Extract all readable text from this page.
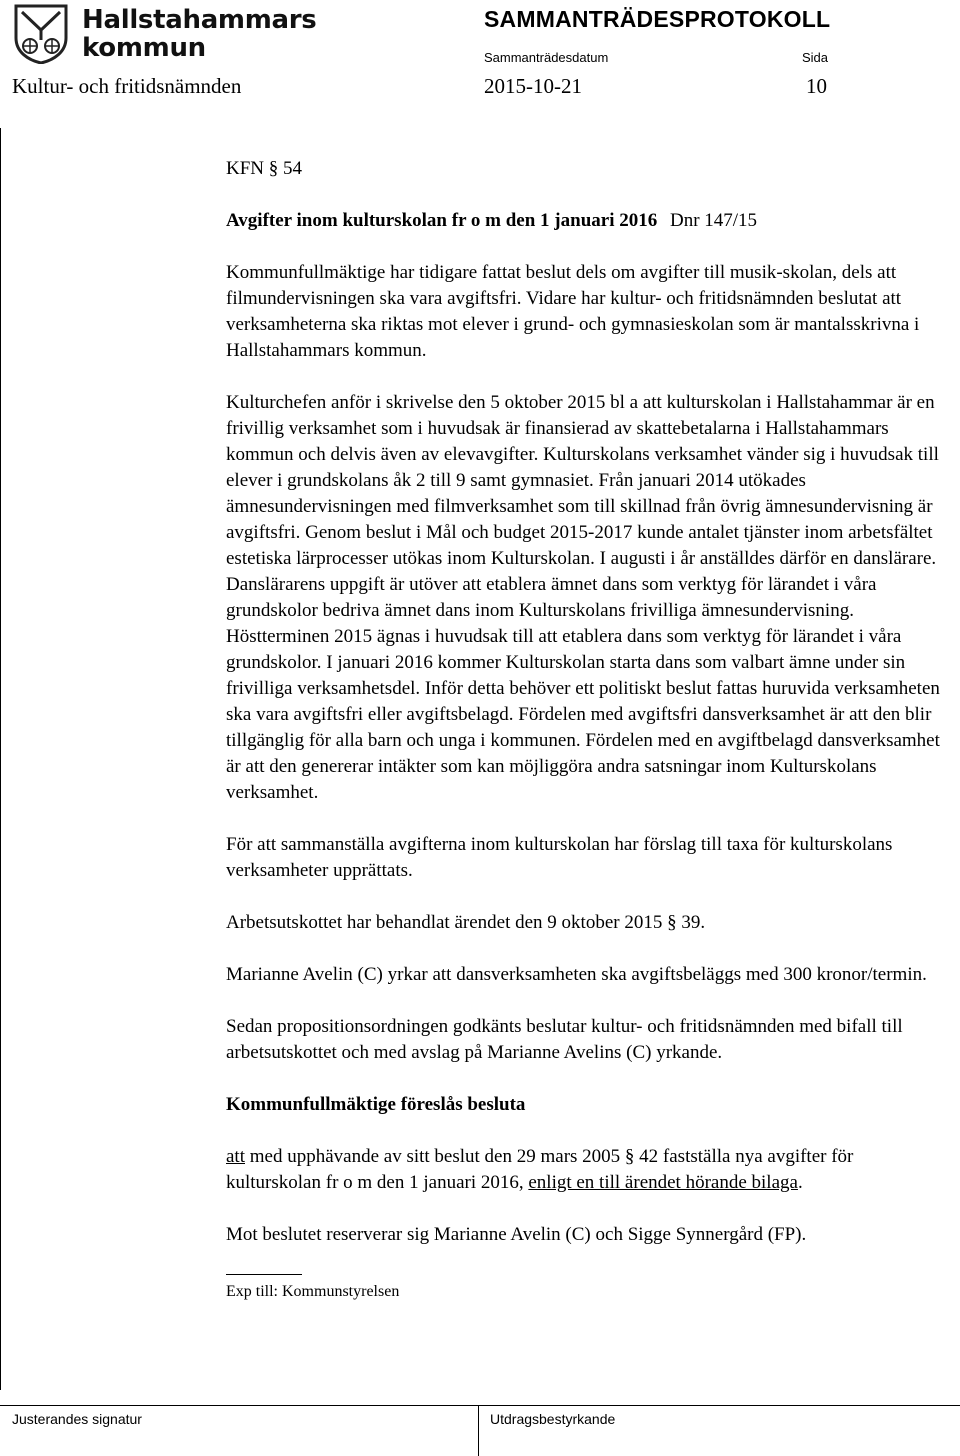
Hallstahammars
kommun
SAMMANTRÄDESPROTOKOLL
Sammanträdesdatum	Sida
Kultur- och fritidsnämnden	2015-10-21	10

KFN § 54

Avgifter inom kulturskolan fr o m den 1 januari 2016 Dnr 147/15

Kommunfullmäktige har tidigare fattat beslut dels om avgifter till musik-skolan, dels att filmundervisningen ska vara avgiftsfri. Vidare har kultur- och fritidsnämnden beslutat att verksamheterna ska riktas mot elever i grund- och gymnasieskolan som är mantalsskrivna i Hallstahammars kommun.

Kulturchefen anför i skrivelse den 5 oktober 2015 bl a att kulturskolan i Hallstahammar är en frivillig verksamhet som i huvudsak är finansierad av skattebetalarna i Hallstahammars kommun och delvis även av elevavgifter. Kulturskolans verksamhet vänder sig i huvudsak till elever i grundskolans åk 2 till 9 samt gymnasiet. Från januari 2014 utökades ämnesundervisningen med filmverksamhet som till skillnad från övrig ämnesundervisning är avgiftsfri. Genom beslut i Mål och budget 2015-2017 kunde antalet tjänster inom arbetsfältet estetiska lärprocesser utökas inom Kulturskolan. I augusti i år anställdes därför en danslärare. Danslärarens uppgift är utöver att etablera ämnet dans som verktyg för lärandet i våra grundskolor bedriva ämnet dans inom Kulturskolans frivilliga ämnesundervisning. Höstterminen 2015 ägnas i huvudsak till att etablera dans som verktyg för lärandet i våra grundskolor. I januari 2016 kommer Kulturskolan starta dans som valbart ämne under sin frivilliga verksamhetsdel. Inför detta behöver ett politiskt beslut fattas huruvida verksamheten ska vara avgiftsfri eller avgiftsbelagd. Fördelen med avgiftsfri dansverksamhet är att den blir tillgänglig för alla barn och unga i kommunen. Fördelen med en avgiftbelagd dansverksamhet är att den genererar intäkter som kan möjliggöra andra satsningar inom Kulturskolans verksamhet.

För att sammanställa avgifterna inom kulturskolan har förslag till taxa för kulturskolans verksamheter upprättats.

Arbetsutskottet har behandlat ärendet den 9 oktober 2015 § 39.

Marianne Avelin (C) yrkar att dansverksamheten ska avgiftsbeläggs med 300 kronor/termin.

Sedan propositionsordningen godkänts beslutar kultur- och fritidsnämnden med bifall till arbetsutskottet och med avslag på Marianne Avelins (C) yrkande.

Kommunfullmäktige föreslås besluta

att med upphävande av sitt beslut den 29 mars 2005 § 42 fastställa nya avgifter för kulturskolan fr o m den 1 januari 2016, enligt en till ärendet hörande bilaga.

Mot beslutet reserverar sig Marianne Avelin (C) och Sigge Synnergård (FP).

Exp till: Kommunstyrelsen
Justerandes signatur	Utdragsbestyrkande
